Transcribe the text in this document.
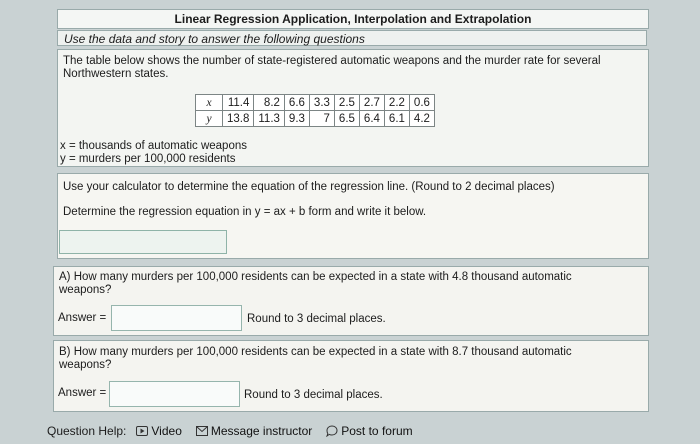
Linear Regression Application, Interpolation and Extrapolation
Use the data and story to answer the following questions
The table below shows the number of state-registered automatic weapons and the murder rate for several Northwestern states.
x	11.4	8.2	6.6	3.3	2.5	2.7	2.2	0.6
y	13.8	11.3	9.3	7	6.5	6.4	6.1	4.2
x = thousands of automatic weapons
y = murders per 100,000 residents
Use your calculator to determine the equation of the regression line. (Round to 2 decimal places)
Determine the regression equation in y = ax + b form and write it below.
A) How many murders per 100,000 residents can be expected in a state with 4.8 thousand automatic weapons?
Answer =	Round to 3 decimal places.
B) How many murders per 100,000 residents can be expected in a state with 8.7 thousand automatic weapons?
Answer =	Round to 3 decimal places.
Question Help: Video Message instructor Post to forum
